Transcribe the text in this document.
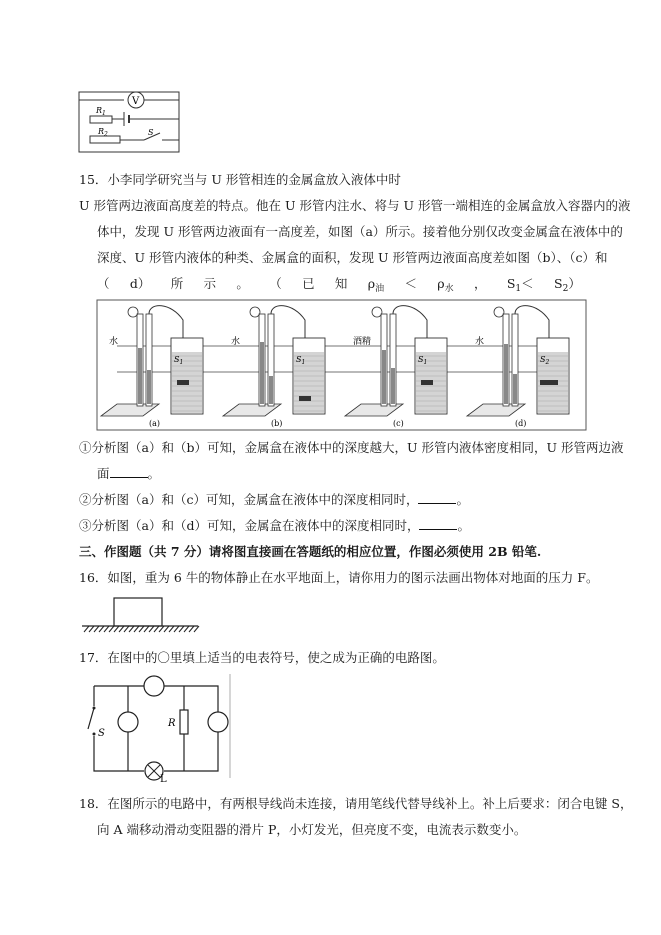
V
$R_1$
$R_2$	S
15．小李同学研究当与 U 形管相连的金属盒放入液体中时
U 形管两边液面高度差的特点。他在 U 形管内注水、将与 U 形管一端相连的金属盒放入容器内的液
体中，发现 U 形管两边液面有一高度差，如图（a）所示。接着他分别仅改变金属盒在液体中的
深度、U 形管内液体的种类、金属盒的面积，发现 U 形管两边液面高度差如图（b）、（c）和
（ d） 所 示 。 （ 已 知 $\rho_油 < \rho_水$ ， $S_1< S_2$）
水
$S_1$
(a)
水
$S_1$
(b)
酒精
$S_1$
(c)
水
$S_2$
(d)
①分析图（a）和（b）可知，金属盒在液体中的深度越大，U 形管内液体密度相同，U 形管两边液
面	。
②分析图（a）和（c）可知，金属盒在液体中的深度相同时，	。
③分析图（a）和（d）可知，金属盒在液体中的深度相同时，	。
三、作图题（共 7 分）请将图直接画在答题纸的相应位置，作图必须使用 2B 铅笔.
16．如图，重为 6 牛的物体静止在水平地面上，请你用力的图示法画出物体对地面的压力 F。
17．在图中的〇里填上适当的电表符号，使之成为正确的电路图。
S
R
L
18．在图所示的电路中，有两根导线尚未连接，请用笔线代替导线补上。补上后要求：闭合电键 S，
向 A 端移动滑动变阻器的滑片 P，小灯发光，但亮度不变，电流表示数变小。
